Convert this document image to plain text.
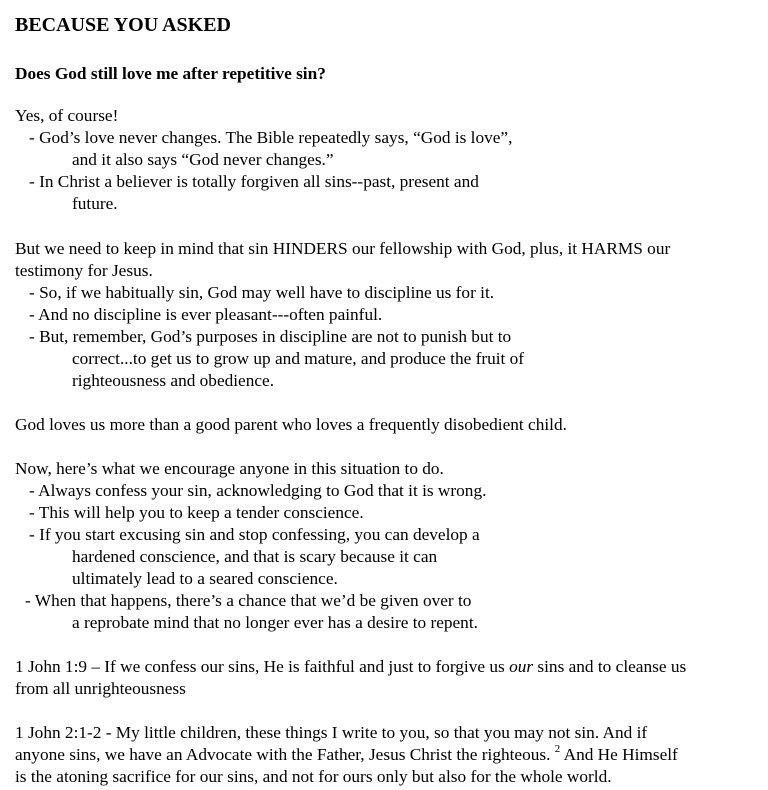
BECAUSE YOU ASKED
Does God still love me after repetitive sin?
Yes, of course!
- God’s love never changes. The Bible repeatedly says, “God is love”,
and it also says “God never changes.”
- In Christ a believer is totally forgiven all sins--past, present and
future.
But we need to keep in mind that sin HINDERS our fellowship with God, plus, it HARMS our
testimony for Jesus.
- So, if we habitually sin, God may well have to discipline us for it.
- And no discipline is ever pleasant---often painful.
- But, remember, God’s purposes in discipline are not to punish but to
correct...to get us to grow up and mature, and produce the fruit of
righteousness and obedience.
God loves us more than a good parent who loves a frequently disobedient child.
Now, here’s what we encourage anyone in this situation to do.
- Always confess your sin, acknowledging to God that it is wrong.
- This will help you to keep a tender conscience.
- If you start excusing sin and stop confessing, you can develop a
hardened conscience, and that is scary because it can
ultimately lead to a seared conscience.
- When that happens, there’s a chance that we’d be given over to
a reprobate mind that no longer ever has a desire to repent.
1 John 1:9 – If we confess our sins, He is faithful and just to forgive us our sins and to cleanse us
from all unrighteousness
1 John 2:1-2 - My little children, these things I write to you, so that you may not sin. And if
anyone sins, we have an Advocate with the Father, Jesus Christ the righteous. $^2$ And He Himself
is the atoning sacrifice for our sins, and not for ours only but also for the whole world.
